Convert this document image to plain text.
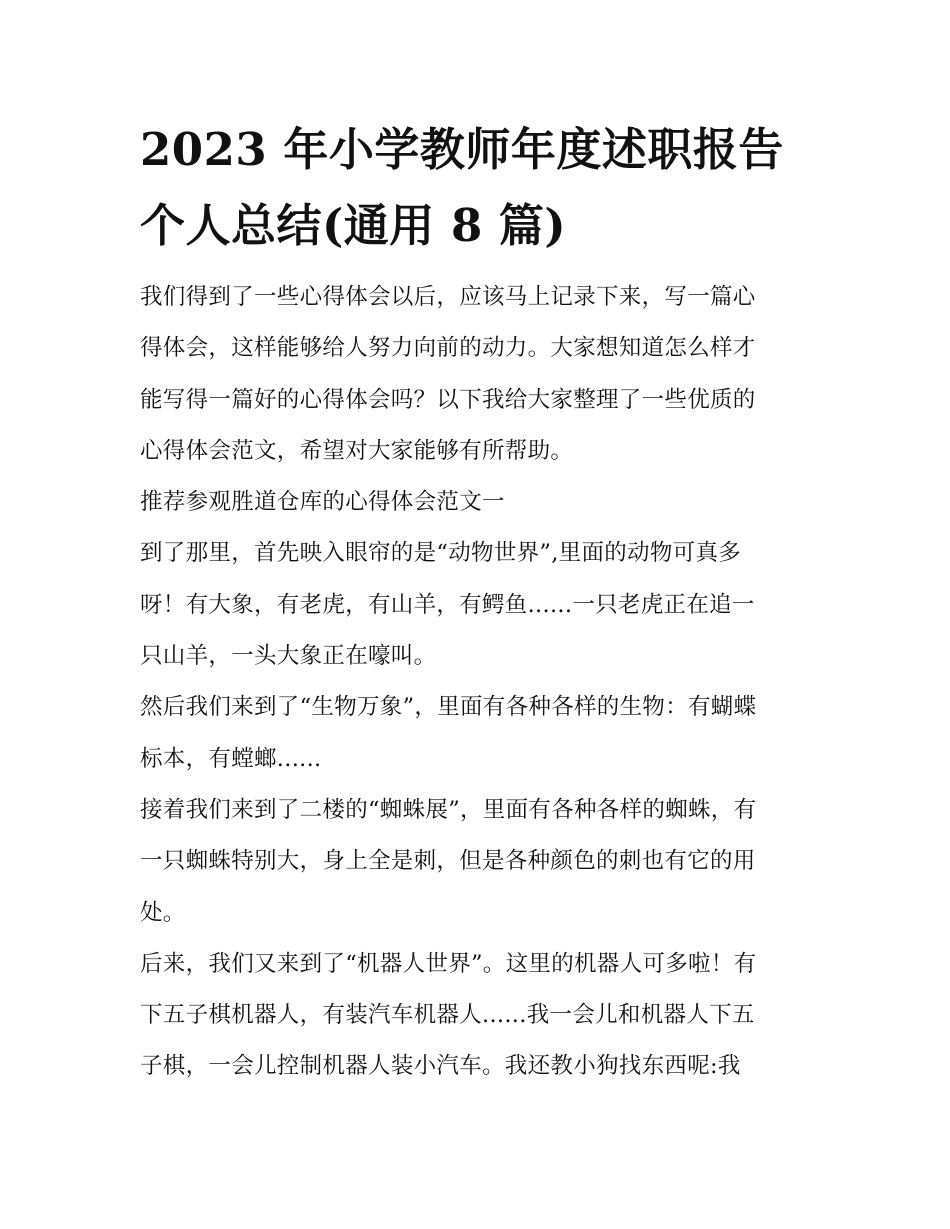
2023 年小学教师年度述职报告
个人总结(通用 8 篇)
我们得到了一些心得体会以后，应该马上记录下来，写一篇心
得体会，这样能够给人努力向前的动力。大家想知道怎么样才
能写得一篇好的心得体会吗？以下我给大家整理了一些优质的
心得体会范文，希望对大家能够有所帮助。
推荐参观胜道仓库的心得体会范文一
到了那里，首先映入眼帘的是“动物世界”,里面的动物可真多
呀！有大象，有老虎，有山羊，有鳄鱼......一只老虎正在追一
只山羊，一头大象正在嚎叫。
然后我们来到了“生物万象”，里面有各种各样的生物：有蝴蝶
标本，有螳螂......
接着我们来到了二楼的“蜘蛛展”，里面有各种各样的蜘蛛，有
一只蜘蛛特别大，身上全是刺，但是各种颜色的刺也有它的用
处。
后来，我们又来到了“机器人世界”。这里的机器人可多啦！有
下五子棋机器人，有装汽车机器人......我一会儿和机器人下五
子棋，一会儿控制机器人装小汽车。我还教小狗找东西呢:我
